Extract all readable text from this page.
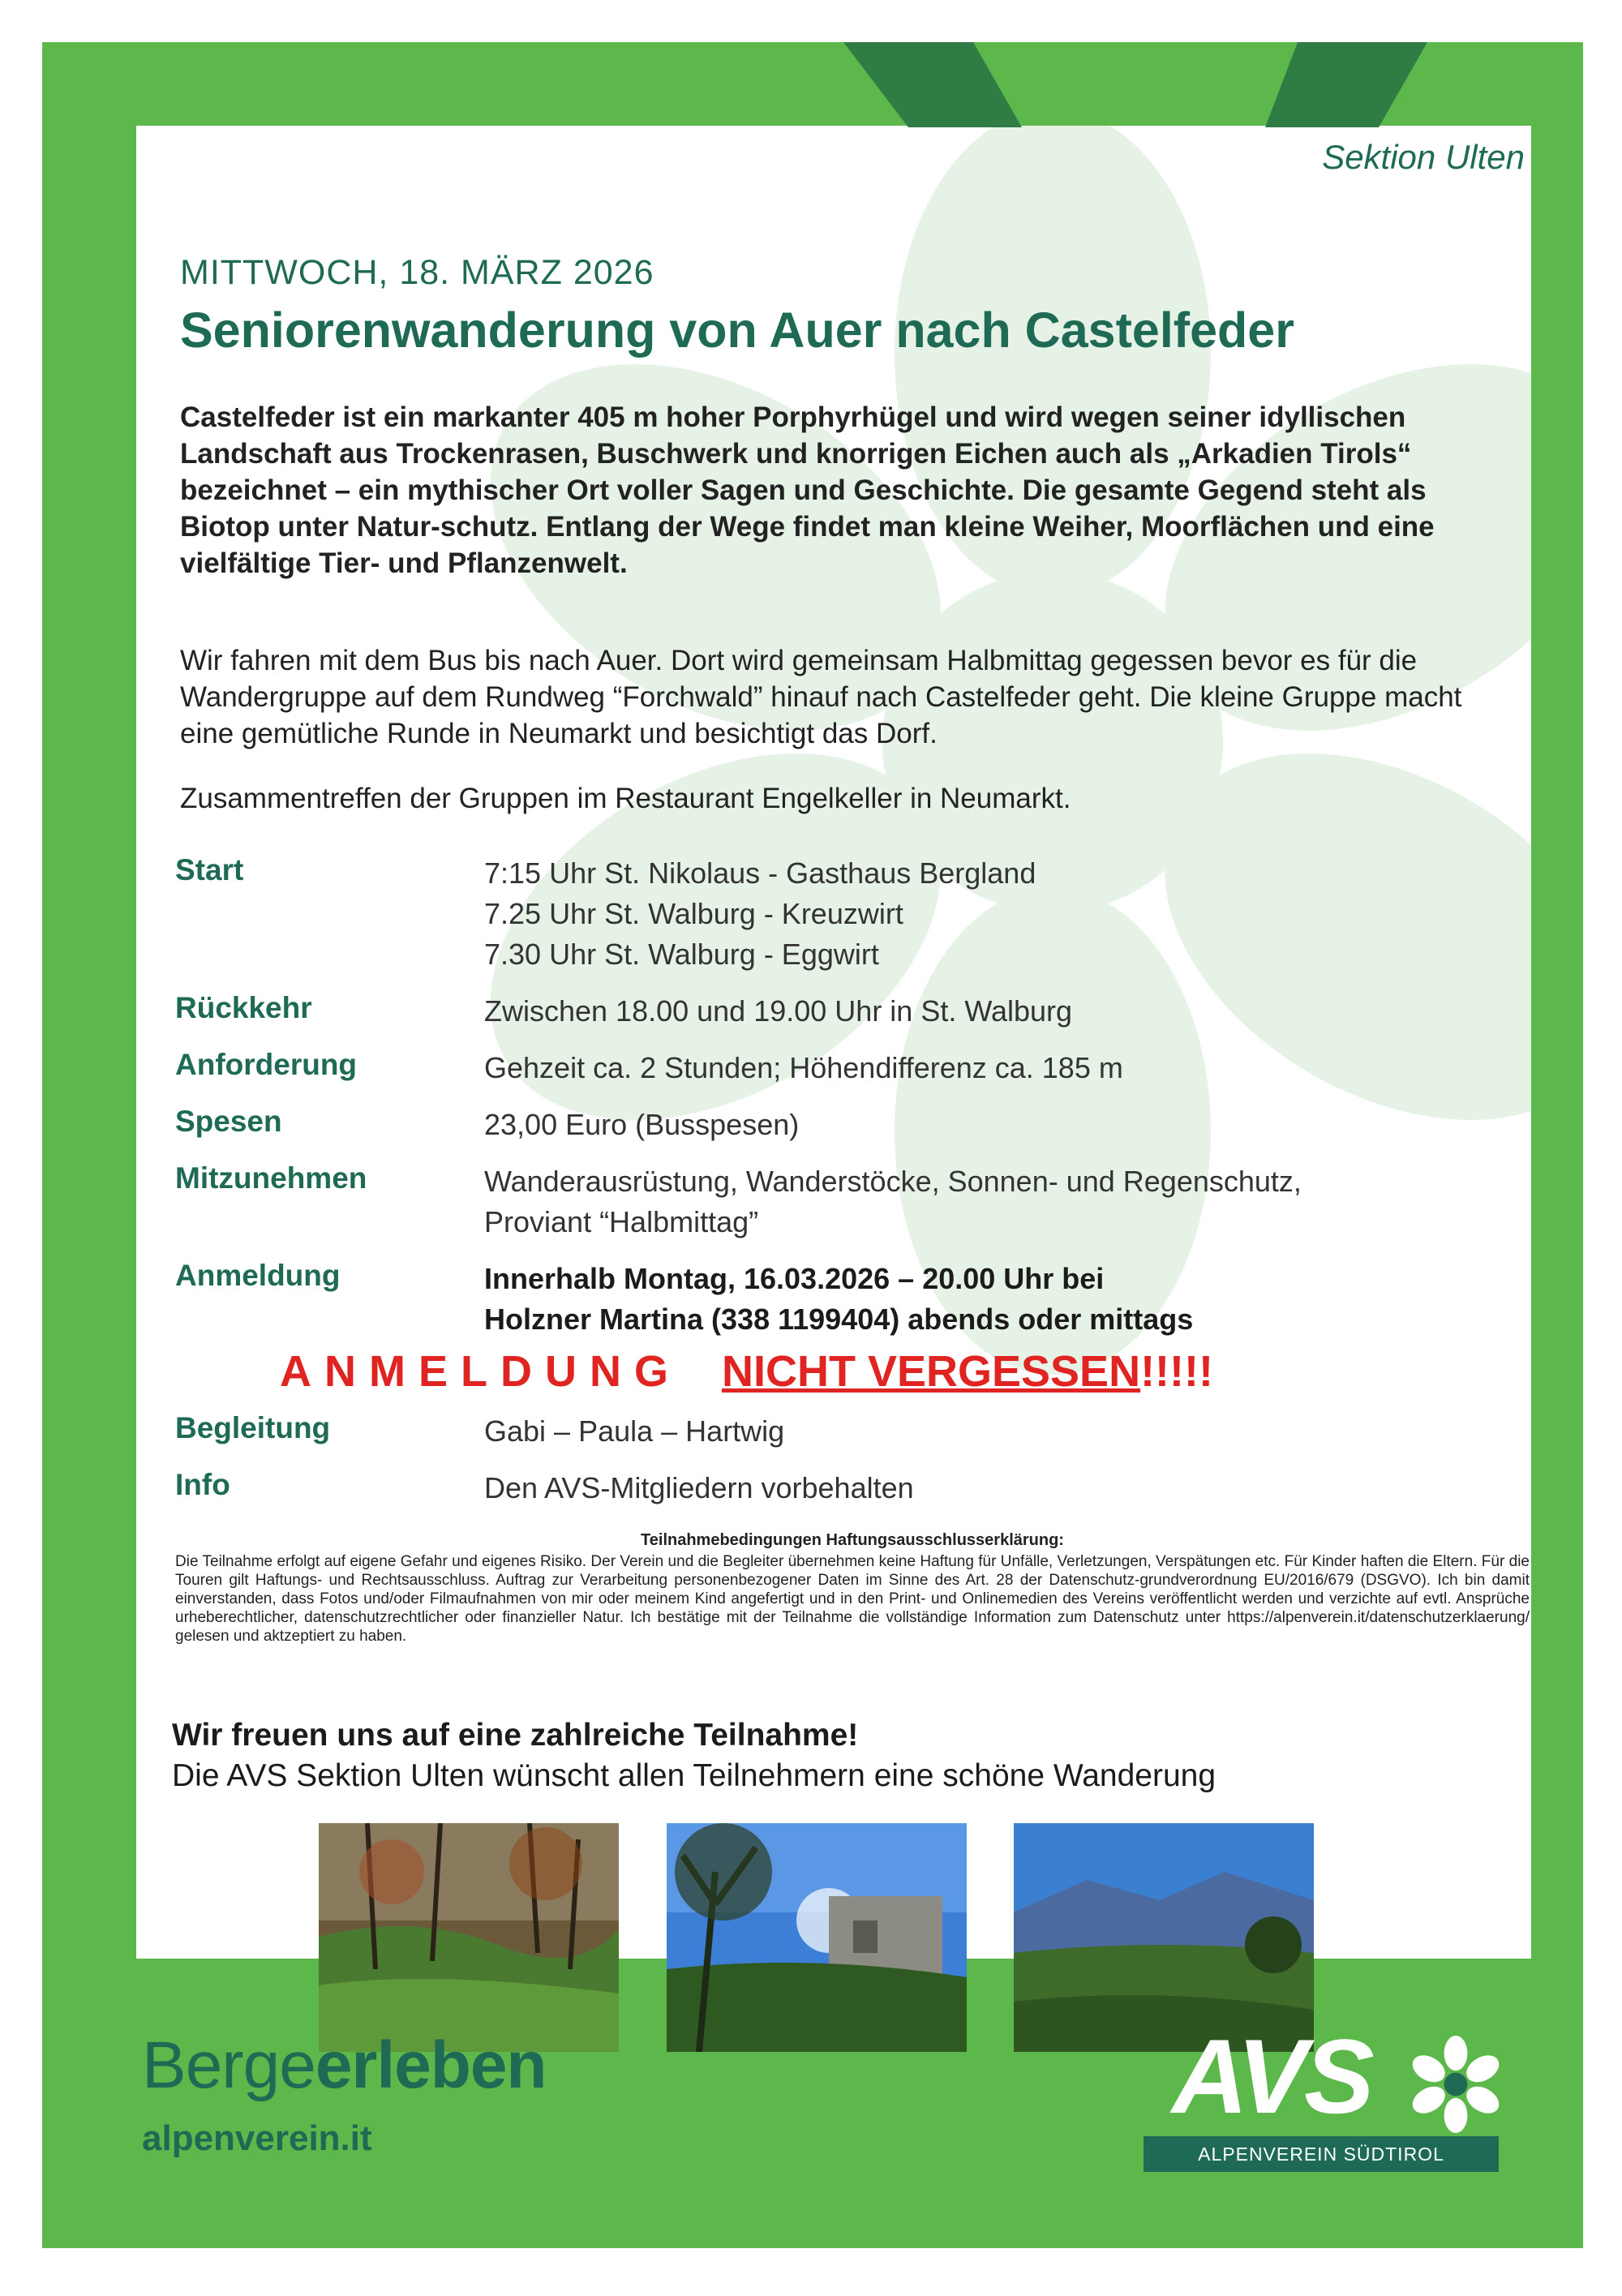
Sektion Ulten
MITTWOCH, 18. MÄRZ 2026
Seniorenwanderung von Auer nach Castelfeder
Castelfeder ist ein markanter 405 m hoher Porphyrhügel und wird wegen seiner idyllischen Landschaft aus Trockenrasen, Buschwerk und knorrigen Eichen auch als „Arkadien Tirols“ bezeichnet – ein mythischer Ort voller Sagen und Geschichte. Die gesamte Gegend steht als Biotop unter Natur-schutz. Entlang der Wege findet man kleine Weiher, Moorflächen und eine vielfältige Tier- und Pflanzenwelt.
Wir fahren mit dem Bus bis nach Auer. Dort wird gemeinsam Halbmittag gegessen bevor es für die Wandergruppe auf dem Rundweg “Forchwald” hinauf nach Castelfeder geht. Die kleine Gruppe macht eine gemütliche Runde in Neumarkt und besichtigt das Dorf.
Zusammentreffen der Gruppen im Restaurant Engelkeller in Neumarkt.
Start	7:15 Uhr St. Nikolaus - Gasthaus Bergland
7.25 Uhr St. Walburg - Kreuzwirt
7.30 Uhr St. Walburg - Eggwirt
Rückkehr	Zwischen 18.00 und 19.00 Uhr in St. Walburg
Anforderung	Gehzeit ca. 2 Stunden; Höhendifferenz ca. 185 m
Spesen	23,00 Euro (Busspesen)
Mitzunehmen	Wanderausrüstung, Wanderstöcke, Sonnen- und Regenschutz,
Proviant “Halbmittag”
Anmeldung	Innerhalb Montag, 16.03.2026 – 20.00 Uhr bei
Holzner Martina (338 1199404) abends oder mittags
ANMELDUNG NICHT VERGESSEN!!!!!
Begleitung	Gabi – Paula – Hartwig
Info	Den AVS-Mitgliedern vorbehalten
Teilnahmebedingungen Haftungsausschlusserklärung:
Die Teilnahme erfolgt auf eigene Gefahr und eigenes Risiko. Der Verein und die Begleiter übernehmen keine Haftung für Unfälle, Verletzungen, Verspätungen etc. Für Kinder haften die Eltern. Für die Touren gilt Haftungs- und Rechtsausschluss. Auftrag zur Verarbeitung personenbezogener Daten im Sinne des Art. 28 der Datenschutz-grundverordnung EU/2016/679 (DSGVO). Ich bin damit einverstanden, dass Fotos und/oder Filmaufnahmen von mir oder meinem Kind angefertigt und in den Print- und Onlinemedien des Vereins veröffentlicht werden und verzichte auf evtl. Ansprüche urheberechtlicher, datenschutzrechtlicher oder finanzieller Natur. Ich bestätige mit der Teilnahme die vollständige Information zum Datenschutz unter https://alpenverein.it/datenschutzerklaerung/ gelesen und aktzeptiert zu haben.
Wir freuen uns auf eine zahlreiche Teilnahme!
Die AVS Sektion Ulten wünscht allen Teilnehmern eine schöne Wanderung
Bergeerleben
alpenverein.it
AVS
ALPENVEREIN SÜDTIROL
